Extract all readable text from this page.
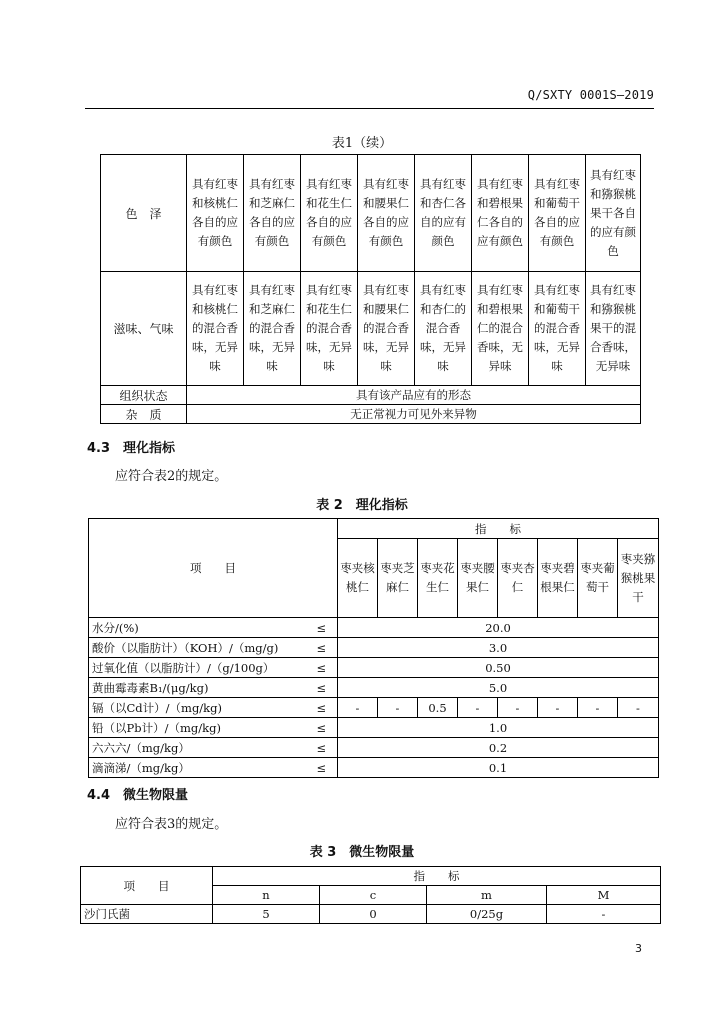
Q/SXTY 0001S—2019
表1（续）
色　泽	具有红枣和核桃仁各自的应有颜色	具有红枣和芝麻仁各自的应有颜色	具有红枣和花生仁各自的应有颜色	具有红枣和腰果仁各自的应有颜色	具有红枣和杏仁各自的应有颜色	具有红枣和碧根果仁各自的应有颜色	具有红枣和葡萄干各自的应有颜色	具有红枣和猕猴桃果干各自的应有颜色
滋味、气味	具有红枣和核桃仁的混合香味，无异味	具有红枣和芝麻仁的混合香味，无异味	具有红枣和花生仁的混合香味，无异味	具有红枣和腰果仁的混合香味，无异味	具有红枣和杏仁的混合香味，无异味	具有红枣和碧根果仁的混合香味，无异味	具有红枣和葡萄干的混合香味，无异味	具有红枣和猕猴桃果干的混合香味，无异味
组织状态	具有该产品应有的形态							
杂　质	无正常视力可见外来异物							
4.3　理化指标
应符合表2的规定。
表 2　理化指标
项　　目		指　　标							
		枣夹核桃仁	枣夹芝麻仁	枣夹花生仁	枣夹腰果仁	枣夹杏仁	枣夹碧根果仁	枣夹葡萄干	枣夹猕猴桃果干
水分/(%)	≤	20.0							
酸价（以脂肪计）（KOH）/（mg/g)	≤	3.0							
过氧化值（以脂肪计）/（g/100g）	≤	0.50							
黄曲霉毒素B₁/(μg/kg)	≤	5.0							
镉（以Cd计）/（mg/kg)	≤	-	-	0.5	-	-	-	-	-
铅（以Pb计）/（mg/kg)	≤	1.0							
六六六/（mg/kg）	≤	0.2							
滴滴涕/（mg/kg）	≤	0.1							
4.4　微生物限量
应符合表3的规定。
表 3　微生物限量
项　　目	指　　标			
	n	c	m	M
沙门氏菌	5	0	0/25g	-
3
